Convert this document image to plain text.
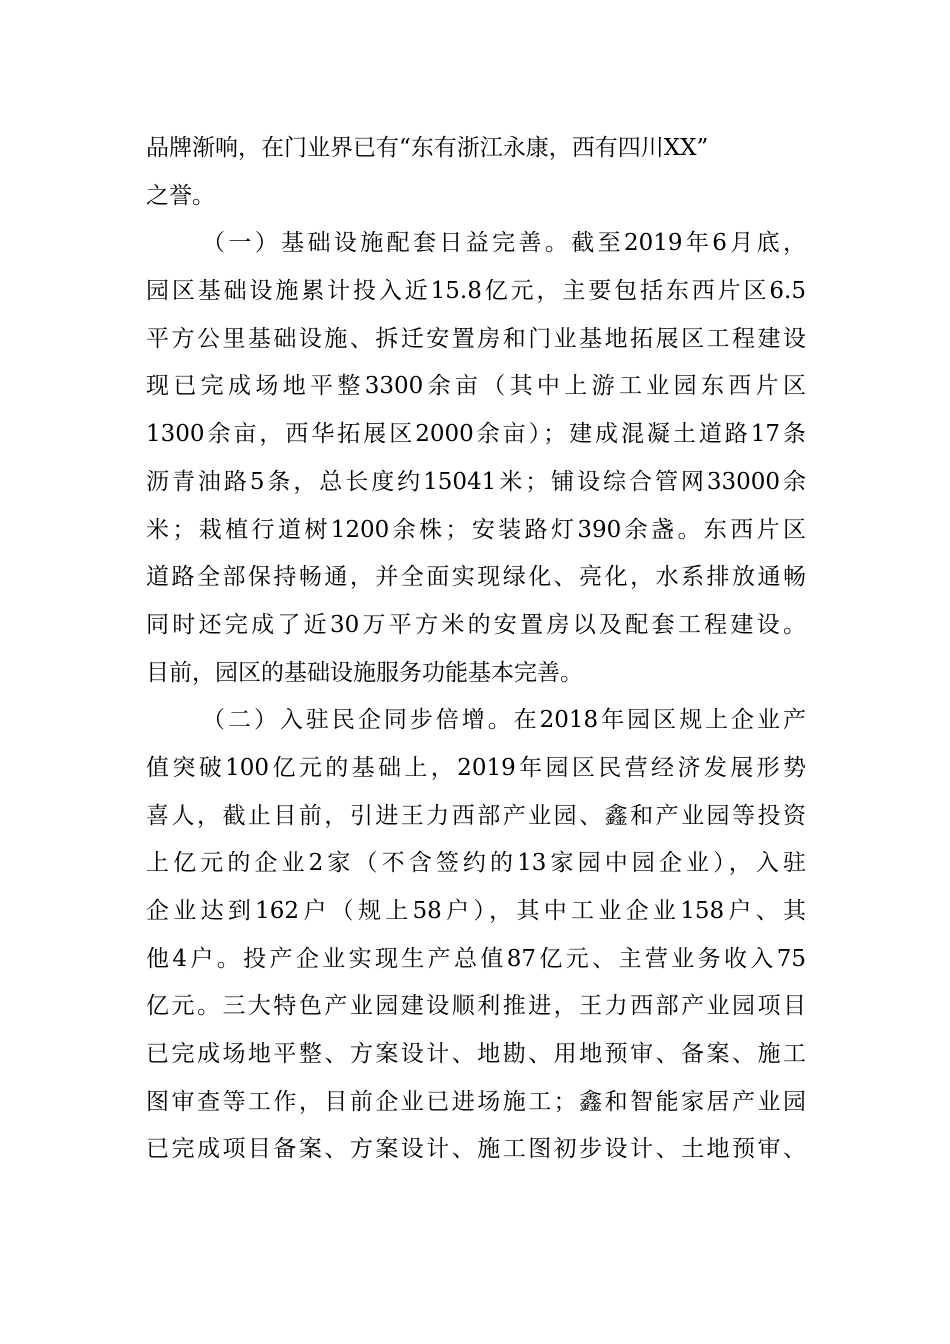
品牌渐响，在门业界已有“东有浙江永康，西有四川XX”
之誉。
（一）基础设施配套日益完善。截至2019年6月底，
园区基础设施累计投入近15.8亿元，主要包括东西片区6.5
平方公里基础设施、拆迁安置房和门业基地拓展区工程建设
现已完成场地平整3300余亩（其中上游工业园东西片区
1300余亩，西华拓展区2000余亩）；建成混凝土道路17条
沥青油路5条，总长度约15041米；铺设综合管网33000余
米；栽植行道树1200余株；安装路灯390余盏。东西片区
道路全部保持畅通，并全面实现绿化、亮化，水系排放通畅
同时还完成了近30万平方米的安置房以及配套工程建设。
目前，园区的基础设施服务功能基本完善。
（二）入驻民企同步倍增。在2018年园区规上企业产
值突破100亿元的基础上，2019年园区民营经济发展形势
喜人，截止目前，引进王力西部产业园、鑫和产业园等投资
上亿元的企业2家（不含签约的13家园中园企业），入驻
企业达到162户（规上58户），其中工业企业158户、其
他4户。投产企业实现生产总值87亿元、主营业务收入75
亿元。三大特色产业园建设顺利推进，王力西部产业园项目
已完成场地平整、方案设计、地勘、用地预审、备案、施工
图审查等工作，目前企业已进场施工；鑫和智能家居产业园
已完成项目备案、方案设计、施工图初步设计、土地预审、
